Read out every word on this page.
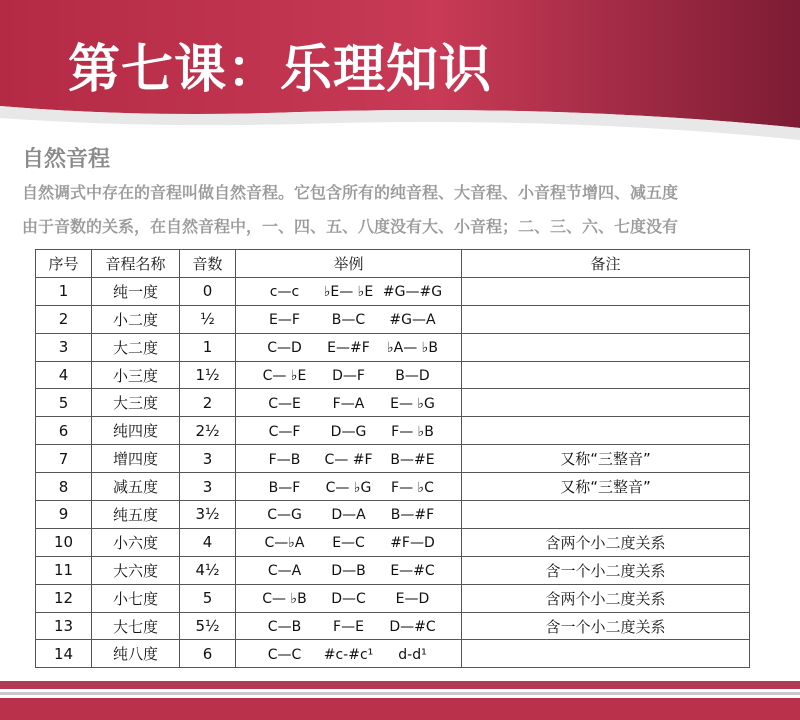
第七课：乐理知识
自然音程
自然调式中存在的音程叫做自然音程。它包含所有的纯音程、大音程、小音程节增四、减五度
由于音数的关系，在自然音程中，一、四、五、八度没有大、小音程；二、三、六、七度没有
序号	音程名称	音数	举例	备注
1	纯一度	0	c—c ♭E— ♭E #G—#G	
2	小二度	½	E—F B—C #G—A	
3	大二度	1	C—D E—#F ♭A— ♭B	
4	小三度	1½	C— ♭E D—F B—D	
5	大三度	2	C—E F—A E— ♭G	
6	纯四度	2½	C—F D—G F— ♭B	
7	增四度	3	F—B C— #F B—#E	又称“三整音”
8	减五度	3	B—F C— ♭G F— ♭C	又称“三整音”
9	纯五度	3½	C—G D—A B—#F	
10	小六度	4	C—♭A E—C #F—D	含两个小二度关系
11	大六度	4½	C—A D—B E—#C	含一个小二度关系
12	小七度	5	C— ♭B D—C E—D	含两个小二度关系
13	大七度	5½	C—B F—E D—#C	含一个小二度关系
14	纯八度	6	C—C #c-#c¹ d-d¹	
